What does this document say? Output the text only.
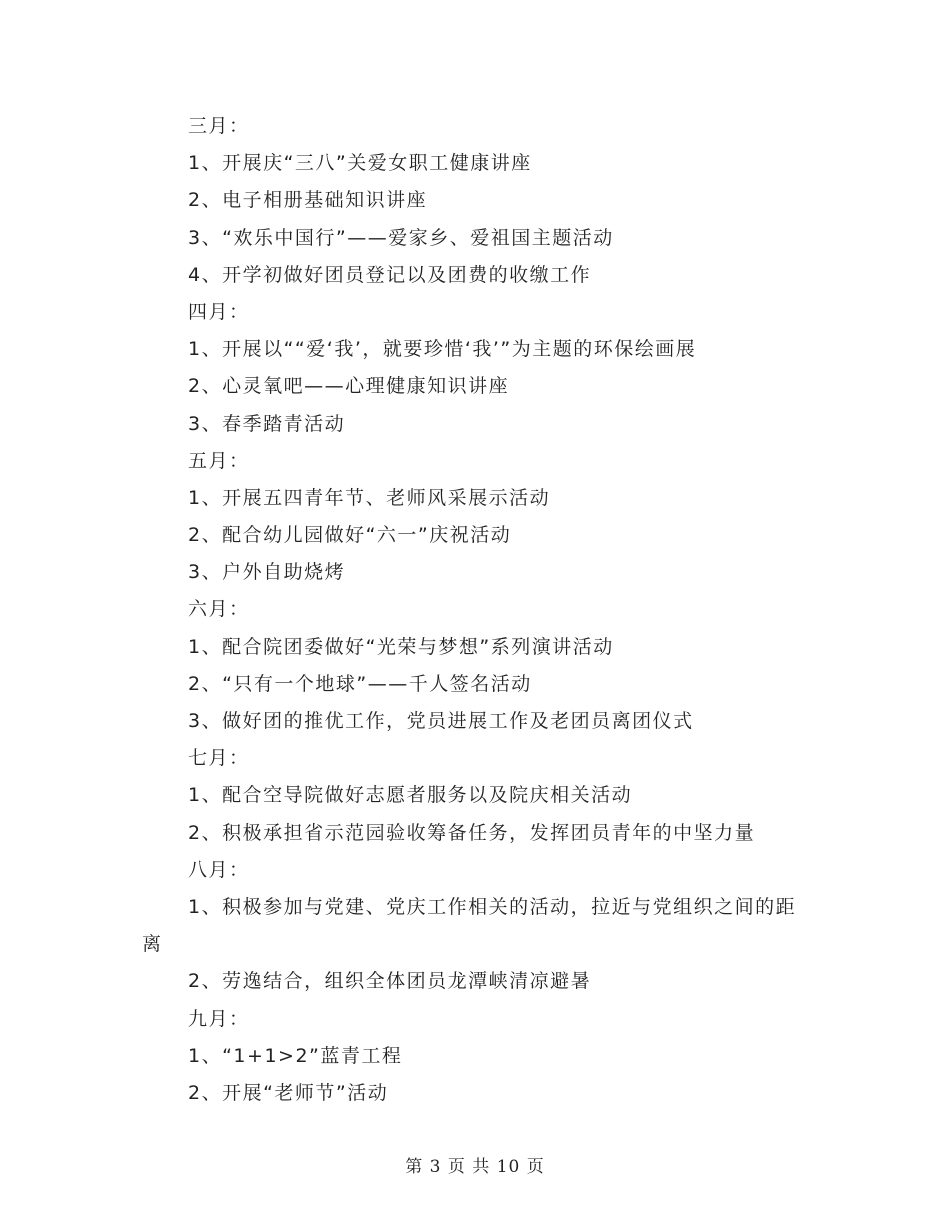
三月：
1、开展庆“三八”关爱女职工健康讲座
2、电子相册基础知识讲座
3、“欢乐中国行”——爱家乡、爱祖国主题活动
4、开学初做好团员登记以及团费的收缴工作
四月：
1、开展以““爱‘我’，就要珍惜‘我’”为主题的环保绘画展
2、心灵氧吧——心理健康知识讲座
3、春季踏青活动
五月：
1、开展五四青年节、老师风采展示活动
2、配合幼儿园做好“六一”庆祝活动
3、户外自助烧烤
六月：
1、配合院团委做好“光荣与梦想”系列演讲活动
2、“只有一个地球”——千人签名活动
3、做好团的推优工作，党员进展工作及老团员离团仪式
七月：
1、配合空导院做好志愿者服务以及院庆相关活动
2、积极承担省示范园验收筹备任务，发挥团员青年的中坚力量
八月：
1、积极参加与党建、党庆工作相关的活动，拉近与党组织之间的距离
2、劳逸结合，组织全体团员龙潭峡清凉避暑
九月：
1、“1+1>2”蓝青工程
2、开展“老师节”活动
第 3 页 共 10 页
